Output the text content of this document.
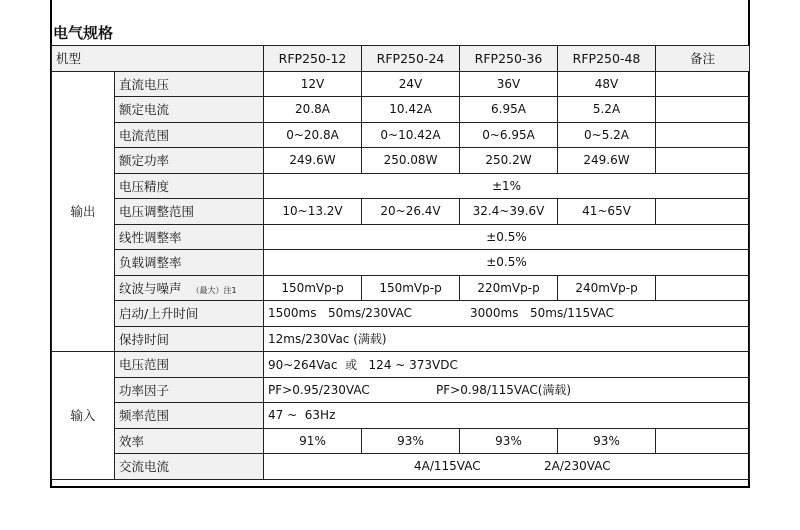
电气规格
机型		RFP250-12	RFP250-24	RFP250-36	RFP250-48	备注
输出	直流电压	12V	24V	36V	48V	
	额定电流	20.8A	10.42A	6.95A	5.2A	
	电流范围	0~20.8A	0~10.42A	0~6.95A	0~5.2A	
	额定功率	249.6W	250.08W	250.2W	249.6W	
	电压精度	±1%				
	电压调整范围	10~13.2V	20~26.4V	32.4~39.6V	41~65V	
	线性调整率	±0.5%				
	负载调整率	±0.5%				
	纹波与噪声 （最大）注1	150mVp-p	150mVp-p	220mVp-p	240mVp-p	
	启动/上升时间	1500ms 50ms/230VAC 3000ms 50ms/115VAC				
	保持时间	12ms/230Vac (满载)				
输入	电压范围	90~264Vac  或   124 ~ 373VDC				
	功率因子	PF>0.95/230VAC PF>0.98/115VAC(满载)				
	频率范围	47 ~  63Hz				
	效率	91%	93%	93%	93%	
	交流电流	4A/115VAC 2A/230VAC				
